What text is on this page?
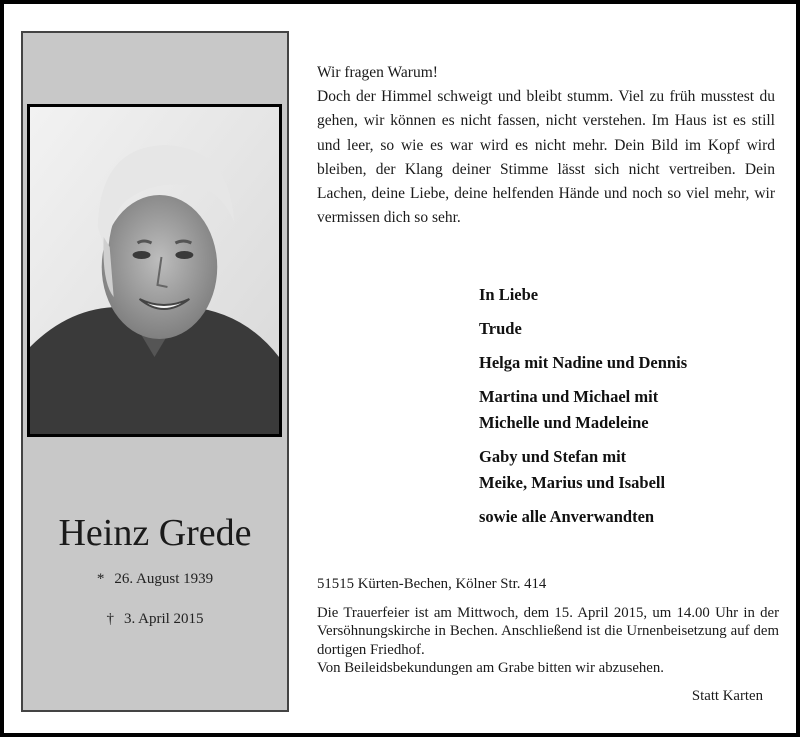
Heinz Grede
* 26. August 1939
† 3. April 2015

Wir fragen Warum!

Doch der Himmel schweigt und bleibt stumm. Viel zu früh musstest du gehen, wir können es nicht fassen, nicht verstehen. Im Haus ist es still und leer, so wie es war wird es nicht mehr. Dein Bild im Kopf wird bleiben, der Klang deiner Stimme lässt sich nicht vertreiben. Dein Lachen, deine Liebe, deine helfenden Hände und noch so viel mehr, wir vermissen dich so sehr.

In Liebe
Trude
Helga mit Nadine und Dennis
Martina und Michael mit
Michelle und Madeleine
Gaby und Stefan mit
Meike, Marius und Isabell
sowie alle Anverwandten
51515 Kürten-Bechen, Kölner Str. 414

Die Trauerfeier ist am Mittwoch, dem 15. April 2015, um 14.00 Uhr in der Versöhnungskirche in Bechen. Anschließend ist die Urnenbeisetzung auf dem dortigen Friedhof.

Von Beileidsbekundungen am Grabe bitten wir abzusehen.

Statt Karten
